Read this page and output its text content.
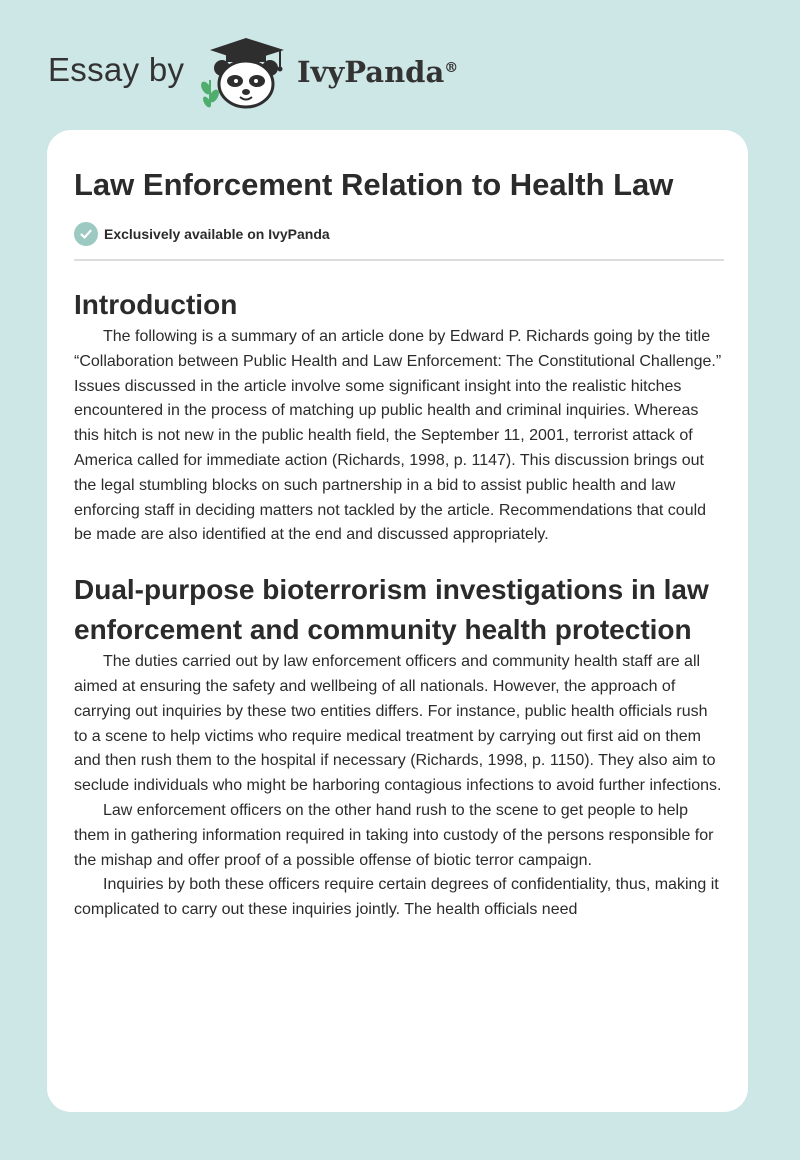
Essay by	IvyPanda®
Law Enforcement Relation to Health Law
Exclusively available on IvyPanda
Introduction

The following is a summary of an article done by Edward P. Richards going by the title “Collaboration between Public Health and Law Enforcement: The Constitutional Challenge.” Issues discussed in the article involve some significant insight into the realistic hitches encountered in the process of matching up public health and criminal inquiries. Whereas this hitch is not new in the public health field, the September 11, 2001, terrorist attack of America called for immediate action (Richards, 1998, p. 1147). This discussion brings out the legal stumbling blocks on such partnership in a bid to assist public health and law enforcing staff in deciding matters not tackled by the article. Recommendations that could be made are also identified at the end and discussed appropriately.

Dual-purpose bioterrorism investigations in law enforcement and community health protection

The duties carried out by law enforcement officers and community health staff are all aimed at ensuring the safety and wellbeing of all nationals. However, the approach of carrying out inquiries by these two entities differs. For instance, public health officials rush to a scene to help victims who require medical treatment by carrying out first aid on them and then rush them to the hospital if necessary (Richards, 1998, p. 1150). They also aim to seclude individuals who might be harboring contagious infections to avoid further infections.

Law enforcement officers on the other hand rush to the scene to get people to help them in gathering information required in taking into custody of the persons responsible for the mishap and offer proof of a possible offense of biotic terror campaign.

Inquiries by both these officers require certain degrees of confidentiality, thus, making it complicated to carry out these inquiries jointly. The health officials need
